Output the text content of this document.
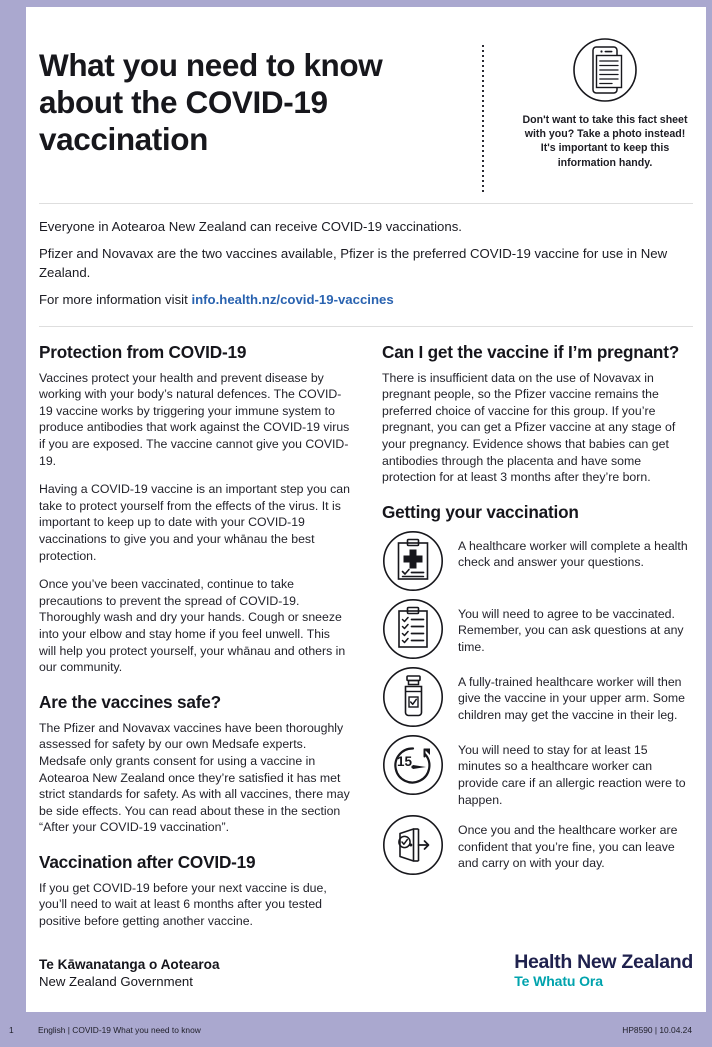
What you need to know about the COVID-19 vaccination
Don't want to take this fact sheet with you? Take a photo instead! It's important to keep this information handy.

Everyone in Aotearoa New Zealand can receive COVID-19 vaccinations.

Pfizer and Novavax are the two vaccines available, Pfizer is the preferred COVID-19 vaccine for use in New Zealand.

For more information visit info.health.nz/covid-19-vaccines

Protection from COVID-19

Vaccines protect your health and prevent disease by working with your body’s natural defences. The COVID-19 vaccine works by triggering your immune system to produce antibodies that work against the COVID-19 virus if you are exposed. The vaccine cannot give you COVID-19.

Having a COVID-19 vaccine is an important step you can take to protect yourself from the effects of the virus. It is important to keep up to date with your COVID-19 vaccinations to give you and your whānau the best protection.

Once you’ve been vaccinated, continue to take precautions to prevent the spread of COVID-19. Thoroughly wash and dry your hands. Cough or sneeze into your elbow and stay home if you feel unwell. This will help you protect yourself, your whānau and others in our community.

Are the vaccines safe?

The Pfizer and Novavax vaccines have been thoroughly assessed for safety by our own Medsafe experts. Medsafe only grants consent for using a vaccine in Aotearoa New Zealand once they’re satisfied it has met strict standards for safety. As with all vaccines, there may be side effects. You can read about these in the section “After your COVID-19 vaccination”.

Vaccination after COVID-19

If you get COVID-19 before your next vaccine is due, you’ll need to wait at least 6 months after you tested positive before getting another vaccine.

Can I get the vaccine if I’m pregnant?

There is insufficient data on the use of Novavax in pregnant people, so the Pfizer vaccine remains the preferred choice of vaccine for this group. If you’re pregnant, you can get a Pfizer vaccine at any stage of your pregnancy. Evidence shows that babies can get antibodies through the placenta and have some protection for at least 3 months after they’re born.

Getting your vaccination
A healthcare worker will complete a health check and answer your questions.
You will need to agree to be vaccinated. Remember, you can ask questions at any time.
A fully-trained healthcare worker will then give the vaccine in your upper arm. Some children may get the vaccine in their leg.
15
You will need to stay for at least 15 minutes so a healthcare worker can provide care if an allergic reaction were to happen.
Once you and the healthcare worker are confident that you’re fine, you can leave and carry on with your day.
Te Kāwanatanga o Aotearoa
New Zealand Government
Health New Zealand
Te Whatu Ora
1	English | COVID-19 What you need to know	HP8590 | 10.04.24
